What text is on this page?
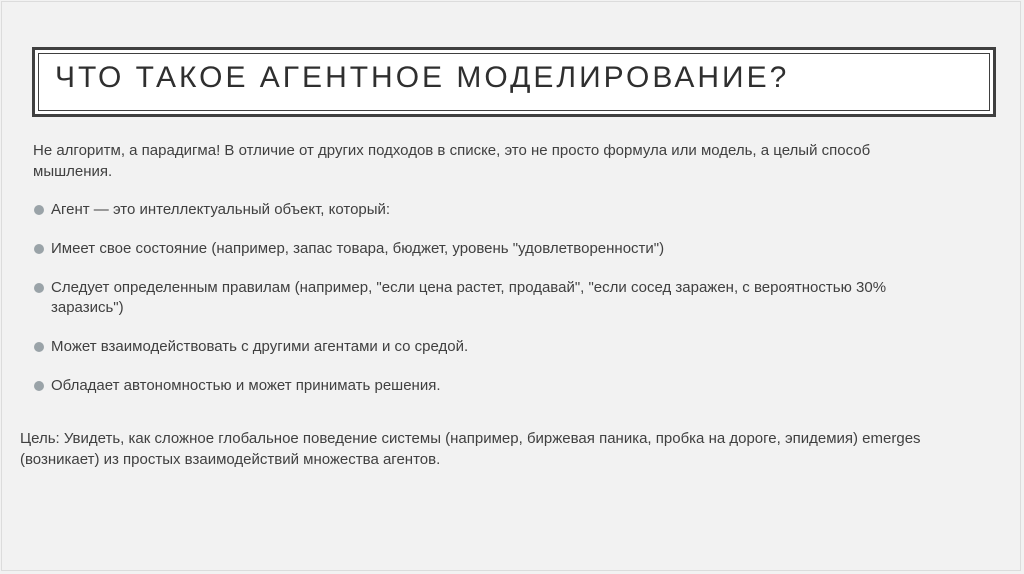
ЧТО ТАКОЕ АГЕНТНОЕ МОДЕЛИРОВАНИЕ?
Не алгоритм, а парадигма! В отличие от других подходов в списке, это не просто формула или модель, а целый способ мышления.
Агент — это интеллектуальный объект, который:
Имеет свое состояние (например, запас товара, бюджет, уровень "удовлетворенности")
Следует определенным правилам (например, "если цена растет, продавай", "если сосед заражен, с вероятностью 30% заразись")
Может взаимодействовать с другими агентами и со средой.
Обладает автономностью и может принимать решения.
Цель: Увидеть, как сложное глобальное поведение системы (например, биржевая паника, пробка на дороге, эпидемия) emerges (возникает) из простых взаимодействий множества агентов.
